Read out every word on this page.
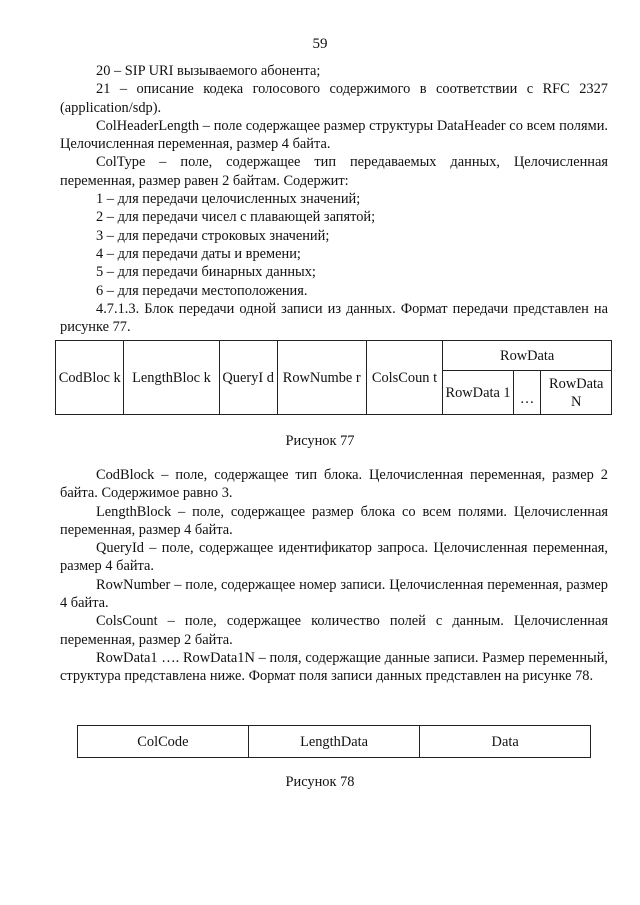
59

20 – SIP URI вызываемого абонента;

21 – описание кодека голосового содержимого в соответствии с RFC 2327 (application/sdp).

ColHeaderLength – поле содержащее размер структуры DataHeader со всем полями. Целочисленная переменная, размер 4 байта.

ColType – поле, содержащее тип передаваемых данных, Целочисленная переменная, размер равен 2 байтам. Содержит:

1 – для передачи целочисленных значений;

2 – для передачи чисел с плавающей запятой;

3 – для передачи строковых значений;

4 – для передачи даты и времени;

5 – для передачи бинарных данных;

6 – для передачи местоположения.

4.7.1.3. Блок передачи одной записи из данных. Формат передачи представлен на рисунке 77.

CodBloc k	LengthBloc k	QueryI d	RowNumbe r	ColsCoun t	RowData		
					RowData 1	…	RowData N
Рисунок 77

CodBlock – поле, содержащее тип блока. Целочисленная переменная, размер 2 байта. Содержимое равно 3.

LengthBlock – поле, содержащее размер блока со всем полями. Целочисленная переменная, размер 4 байта.

QueryId – поле, содержащее идентификатор запроса. Целочисленная переменная, размер 4 байта.

RowNumber – поле, содержащее номер записи. Целочисленная переменная, размер 4 байта.

ColsCount – поле, содержащее количество полей с данным. Целочисленная переменная, размер 2 байта.

RowData1 …. RowData1N – поля, содержащие данные записи. Размер переменный, структура представлена ниже. Формат поля записи данных представлен на рисунке 78.

ColCode	LengthData	Data
Рисунок 78
